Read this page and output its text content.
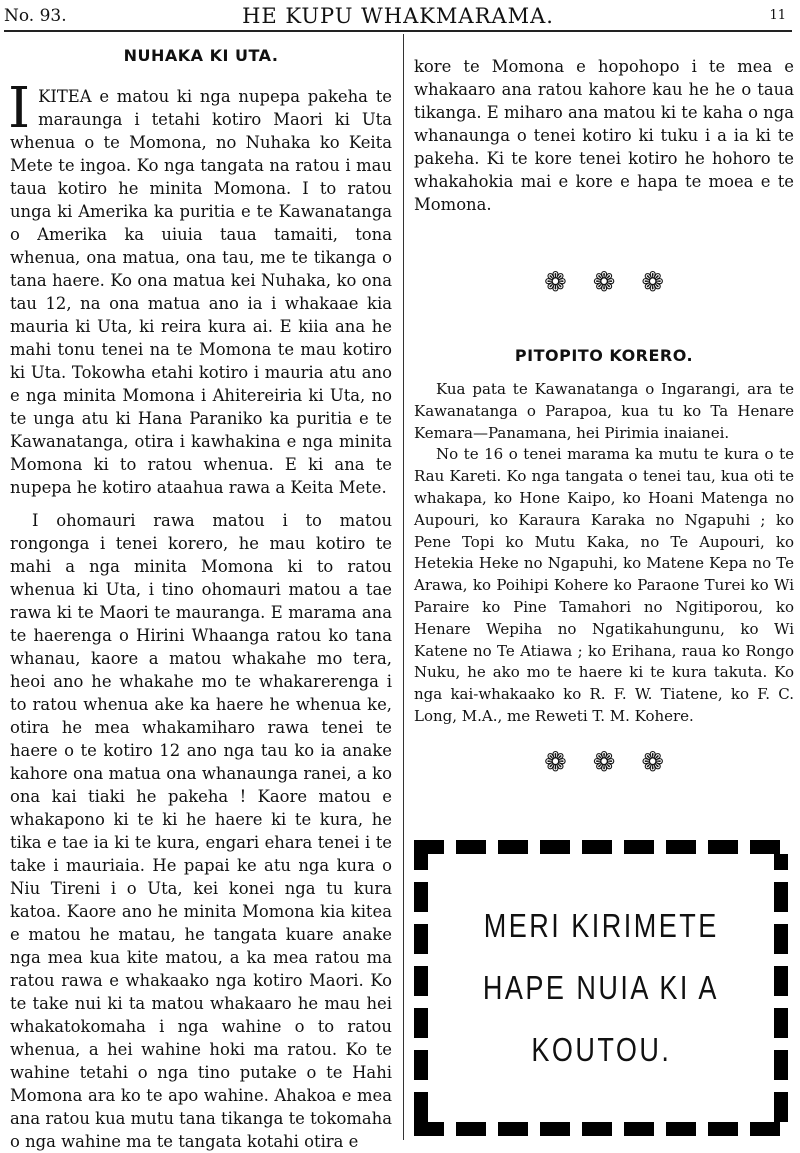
No. 93.	HE KUPU WHAKMARAMA.	11
NUHAKA KI UTA.

IKITEA e matou ki nga nupepa pakeha te maraunga i tetahi kotiro Maori ki Uta whenua o te Momona, no Nuhaka ko Keita Mete te ingoa. Ko nga tangata na ratou i mau taua kotiro he minita Momona. I to ratou unga ki Amerika ka puritia e te Kawanatanga o Amerika ka uiuia taua tamaiti, tona whenua, ona matua, ona tau, me te tikanga o tana haere. Ko ona matua kei Nuhaka, ko ona tau 12, na ona matua ano ia i whakaae kia mauria ki Uta, ki reira kura ai. E kiia ana he mahi tonu tenei na te Momona te mau kotiro ki Uta. Tokowha etahi kotiro i mauria atu ano e nga minita Momona i Ahitereiria ki Uta, no te unga atu ki Hana Paraniko ka puritia e te Kawanatanga, otira i kawhakina e nga minita Momona ki to ratou whenua. E ki ana te nupepa he kotiro ataahua rawa a Keita Mete.

I ohomauri rawa matou i to matou rongonga i tenei korero, he mau kotiro te mahi a nga minita Momona ki to ratou whenua ki Uta, i tino ohomauri matou a tae rawa ki te Maori te mauranga. E marama ana te haerenga o Hirini Whaanga ratou ko tana whanau, kaore a matou whakahe mo tera, heoi ano he whakahe mo te whakarerenga i to ratou whenua ake ka haere he whenua ke, otira he mea whakamiharo rawa tenei te haere o te kotiro 12 ano nga tau ko ia anake kahore ona matua ona whanaunga ranei, a ko ona kai tiaki he pakeha ! Kaore matou e whakapono ki te ki he haere ki te kura, he tika e tae ia ki te kura, engari ehara tenei i te take i mauriaia. He papai ke atu nga kura o Niu Tireni i o Uta, kei konei nga tu kura katoa. Kaore ano he minita Momona kia kitea e matou he matau, he tangata kuare anake nga mea kua kite matou, a ka mea ratou ma ratou rawa e whakaako nga kotiro Maori. Ko te take nui ki ta matou whakaaro he mau hei whakatokomaha i nga wahine o to ratou whenua, a hei wahine hoki ma ratou. Ko te wahine tetahi o nga tino putake o te Hahi Momona ara ko te apo wahine. Ahakoa e mea ana ratou kua mutu tana tikanga te tokomaha o nga wahine ma te tangata kotahi otira e

kore te Momona e hopohopo i te mea e whakaaro ana ratou kahore kau he he o taua tikanga. E miharo ana matou ki te kaha o nga whanaunga o tenei kotiro ki tuku i a ia ki te pakeha. Ki te kore tenei kotiro he hohoro te whakahokia mai e kore e hapa te moea e te Momona.

❁ ❁ ❁
PITOPITO KORERO.

Kua pata te Kawanatanga o Ingarangi, ara te Kawanatanga o Parapoa, kua tu ko Ta Henare Kemara—Panamana, hei Pirimia inaianei.

No te 16 o tenei marama ka mutu te kura o te Rau Kareti. Ko nga tangata o tenei tau, kua oti te whakapa, ko Hone Kaipo, ko Hoani Matenga no Aupouri, ko Karaura Karaka no Ngapuhi ; ko Pene Topi ko Mutu Kaka, no Te Aupouri, ko Hetekia Heke no Ngapuhi, ko Matene Kepa no Te Arawa, ko Poihipi Kohere ko Paraone Turei ko Wi Paraire ko Pine Tamahori no Ngitiporou, ko Henare Wepiha no Ngatikahungunu, ko Wi Katene no Te Atiawa ; ko Erihana, raua ko Rongo Nuku, he ako mo te haere ki te kura takuta. Ko nga kai-whakaako ko R. F. W. Tiatene, ko F. C. Long, M.A., me Reweti T. M. Kohere.

❁ ❁ ❁
MERI KIRIMETE
HAPE NUIA KI A
KOUTOU.
